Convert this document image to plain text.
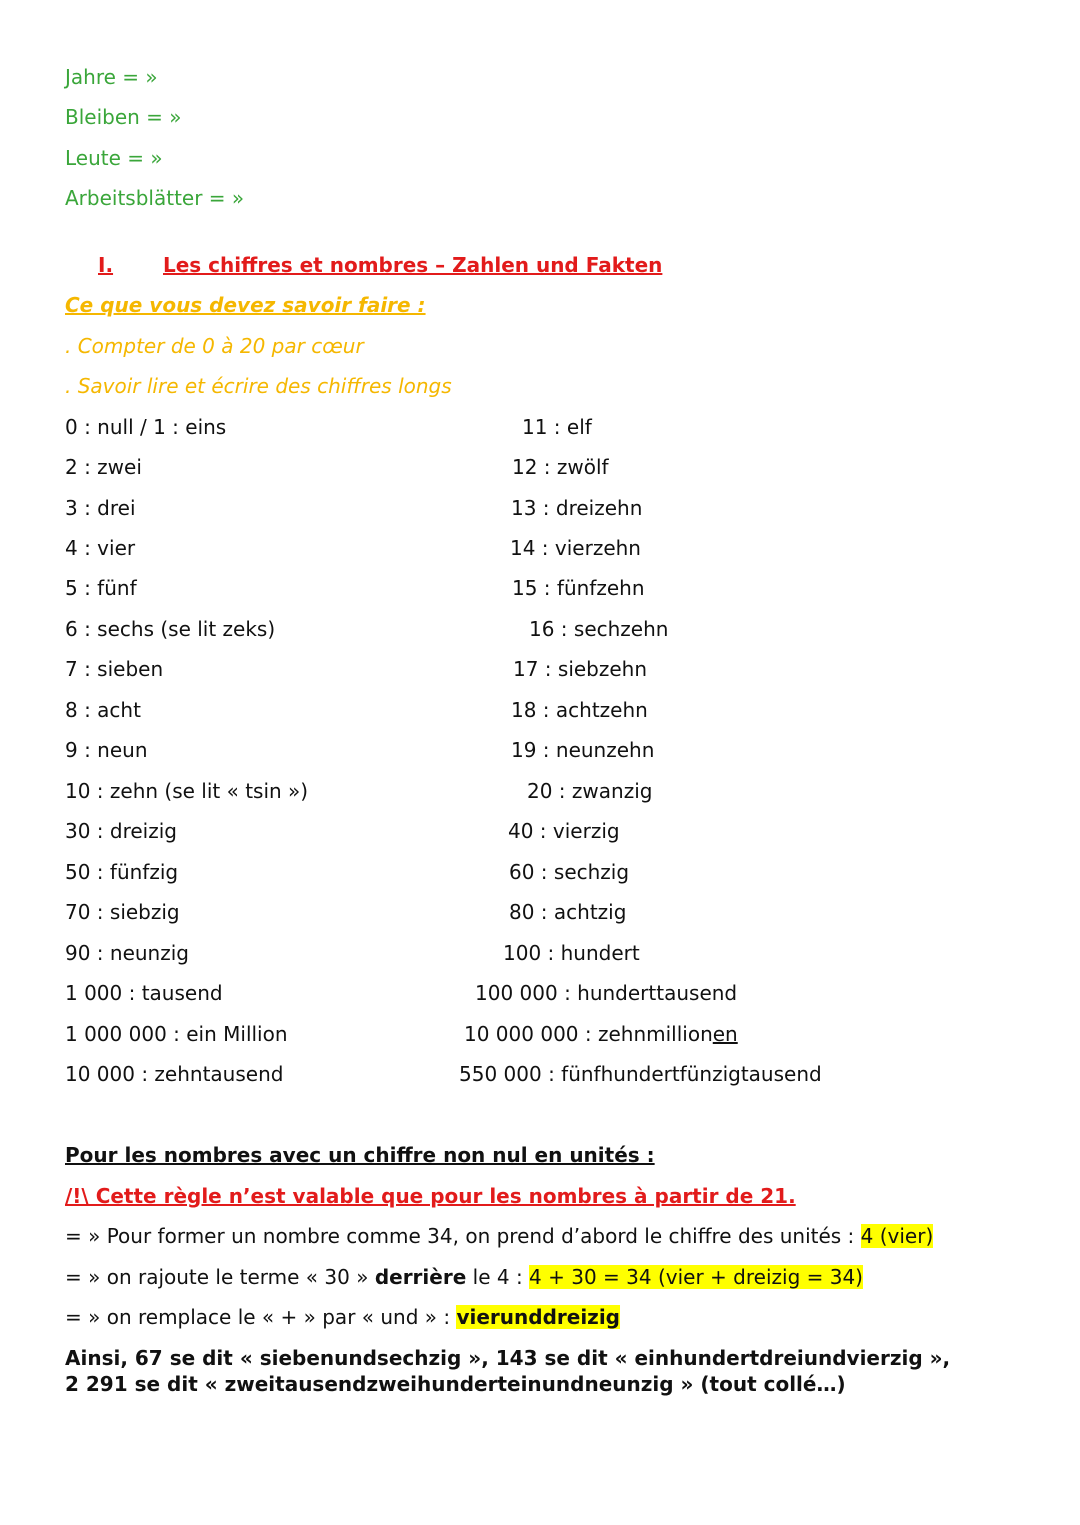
Jahre = »
Bleiben = »
Leute = »
Arbeitsblätter = »
I. Les chiffres et nombres – Zahlen und Fakten
Ce que vous devez savoir faire :
. Compter de 0 à 20 par cœur
. Savoir lire et écrire des chiffres longs
0 : null / 1 : eins
2 : zwei
3 : drei
4 : vier
5 : fünf
6 : sechs (se lit zeks)
7 : sieben
8 : acht
9 : neun
10 : zehn (se lit « tsin »)
30 : dreizig
50 : fünfzig
70 : siebzig
90 : neunzig
1 000 : tausend
1 000 000 : ein Million
10 000 : zehntausend
11 : elf
12 : zwölf
13 : dreizehn
14 : vierzehn
15 : fünfzehn
16 : sechzehn
17 : siebzehn
18 : achtzehn
19 : neunzehn
20 : zwanzig
40 : vierzig
60 : sechzig
80 : achtzig
100 : hundert
100 000 : hunderttausend
10 000 000 : zehnmillionen
550 000 : fünfhundertfünzigtausend
Pour les nombres avec un chiffre non nul en unités :
/!\ Cette règle n’est valable que pour les nombres à partir de 21.
= » Pour former un nombre comme 34, on prend d’abord le chiffre des unités : 4 (vier)
= » on rajoute le terme « 30 » derrière le 4 : 4 + 30 = 34 (vier + dreizig = 34)
= » on remplace le « + » par « und » : vierunddreizig
Ainsi, 67 se dit « siebenundsechzig », 143 se dit « einhundertdreiundvierzig », 2 291 se dit « zweitausendzweihunderteinundneunzig » (tout collé…)
